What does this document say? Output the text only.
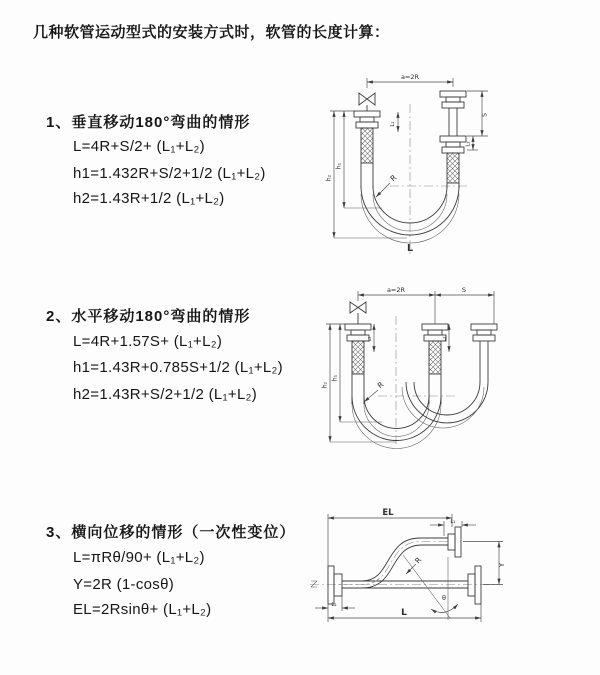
几种软管运动型式的安装方式时，软管的长度计算：
1、垂直移动180°弯曲的情形
L=4R+S/2+ (L₁+L₂)
h1=1.432R+S/2+1/2 (L₁+L₂)
h2=1.43R+1/2 (L₁+L₂)
2、水平移动180°弯曲的情形
L=4R+1.57S+ (L₁+L₂)
h1=1.43R+0.785S+1/2 (L₁+L₂)
h2=1.43R+S/2+1/2 (L₁+L₂)
3、横向位移的情形（一次性变位）
L=πRθ/90+ (L₁+L₂)
Y=2R (1-cosθ)
EL=2Rsinθ+ (L₁+L₂)
a=2R
h₂
h₁
L₁
S
L₂
R
L
a=2R	S
h₂
h₁
L₁	L₂
R
EL
L₁
Y
L
L₂
R
θ
